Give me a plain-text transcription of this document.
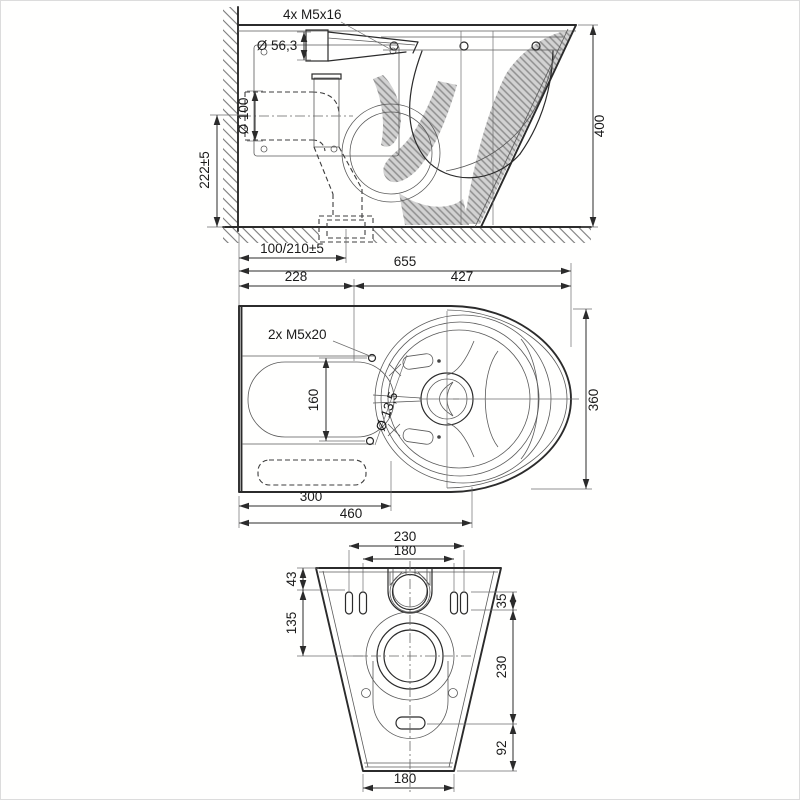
4x M5x16
Ø 56,3
Ø 100
222±5
100/210±5
400
655
228	427
2x M5x20
160	Ø 13,5	360
300
460
230
180
43
135
35
230
92
180
